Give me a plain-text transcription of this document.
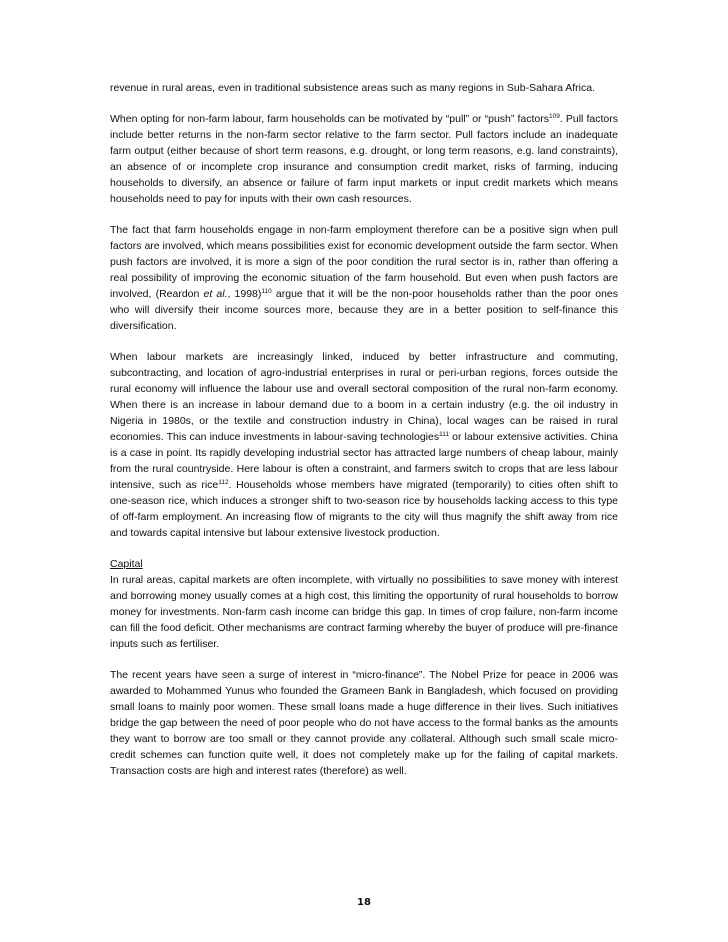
revenue in rural areas, even in traditional subsistence areas such as many regions in Sub-Sahara Africa.

When opting for non-farm labour, farm households can be motivated by “pull” or “push” factors$^{109}$. Pull factors include better returns in the non-farm sector relative to the farm sector. Pull factors include an inadequate farm output (either because of short term reasons, e.g. drought, or long term reasons, e.g. land constraints), an absence of or incomplete crop insurance and consumption credit market, risks of farming, inducing households to diversify, an absence or failure of farm input markets or input credit markets which means households need to pay for inputs with their own cash resources.

The fact that farm households engage in non-farm employment therefore can be a positive sign when pull factors are involved, which means possibilities exist for economic development outside the farm sector. When push factors are involved, it is more a sign of the poor condition the rural sector is in, rather than offering a real possibility of improving the economic situation of the farm household. But even when push factors are involved, (Reardon et al., 1998)$^{110}$ argue that it will be the non-poor households rather than the poor ones who will diversify their income sources more, because they are in a better position to self-finance this diversification.

When labour markets are increasingly linked, induced by better infrastructure and commuting, subcontracting, and location of agro-industrial enterprises in rural or peri-urban regions, forces outside the rural economy will influence the labour use and overall sectoral composition of the rural non-farm economy. When there is an increase in labour demand due to a boom in a certain industry (e.g. the oil industry in Nigeria in 1980s, or the textile and construction industry in China), local wages can be raised in rural economies. This can induce investments in labour-saving technologies$^{111}$ or labour extensive activities. China is a case in point. Its rapidly developing industrial sector has attracted large numbers of cheap labour, mainly from the rural countryside. Here labour is often a constraint, and farmers switch to crops that are less labour intensive, such as rice$^{112}$. Households whose members have migrated (temporarily) to cities often shift to one-season rice, which induces a stronger shift to two-season rice by households lacking access to this type of off-farm employment. An increasing flow of migrants to the city will thus magnify the shift away from rice and towards capital intensive but labour extensive livestock production.

Capital

In rural areas, capital markets are often incomplete, with virtually no possibilities to save money with interest and borrowing money usually comes at a high cost, this limiting the opportunity of rural households to borrow money for investments. Non-farm cash income can bridge this gap. In times of crop failure, non-farm income can fill the food deficit. Other mechanisms are contract farming whereby the buyer of produce will pre-finance inputs such as fertiliser.

The recent years have seen a surge of interest in “micro-finance”. The Nobel Prize for peace in 2006 was awarded to Mohammed Yunus who founded the Grameen Bank in Bangladesh, which focused on providing small loans to mainly poor women. These small loans made a huge difference in their lives. Such initiatives bridge the gap between the need of poor people who do not have access to the formal banks as the amounts they want to borrow are too small or they cannot provide any collateral. Although such small scale micro-credit schemes can function quite well, it does not completely make up for the failing of capital markets. Transaction costs are high and interest rates (therefore) as well.

18
